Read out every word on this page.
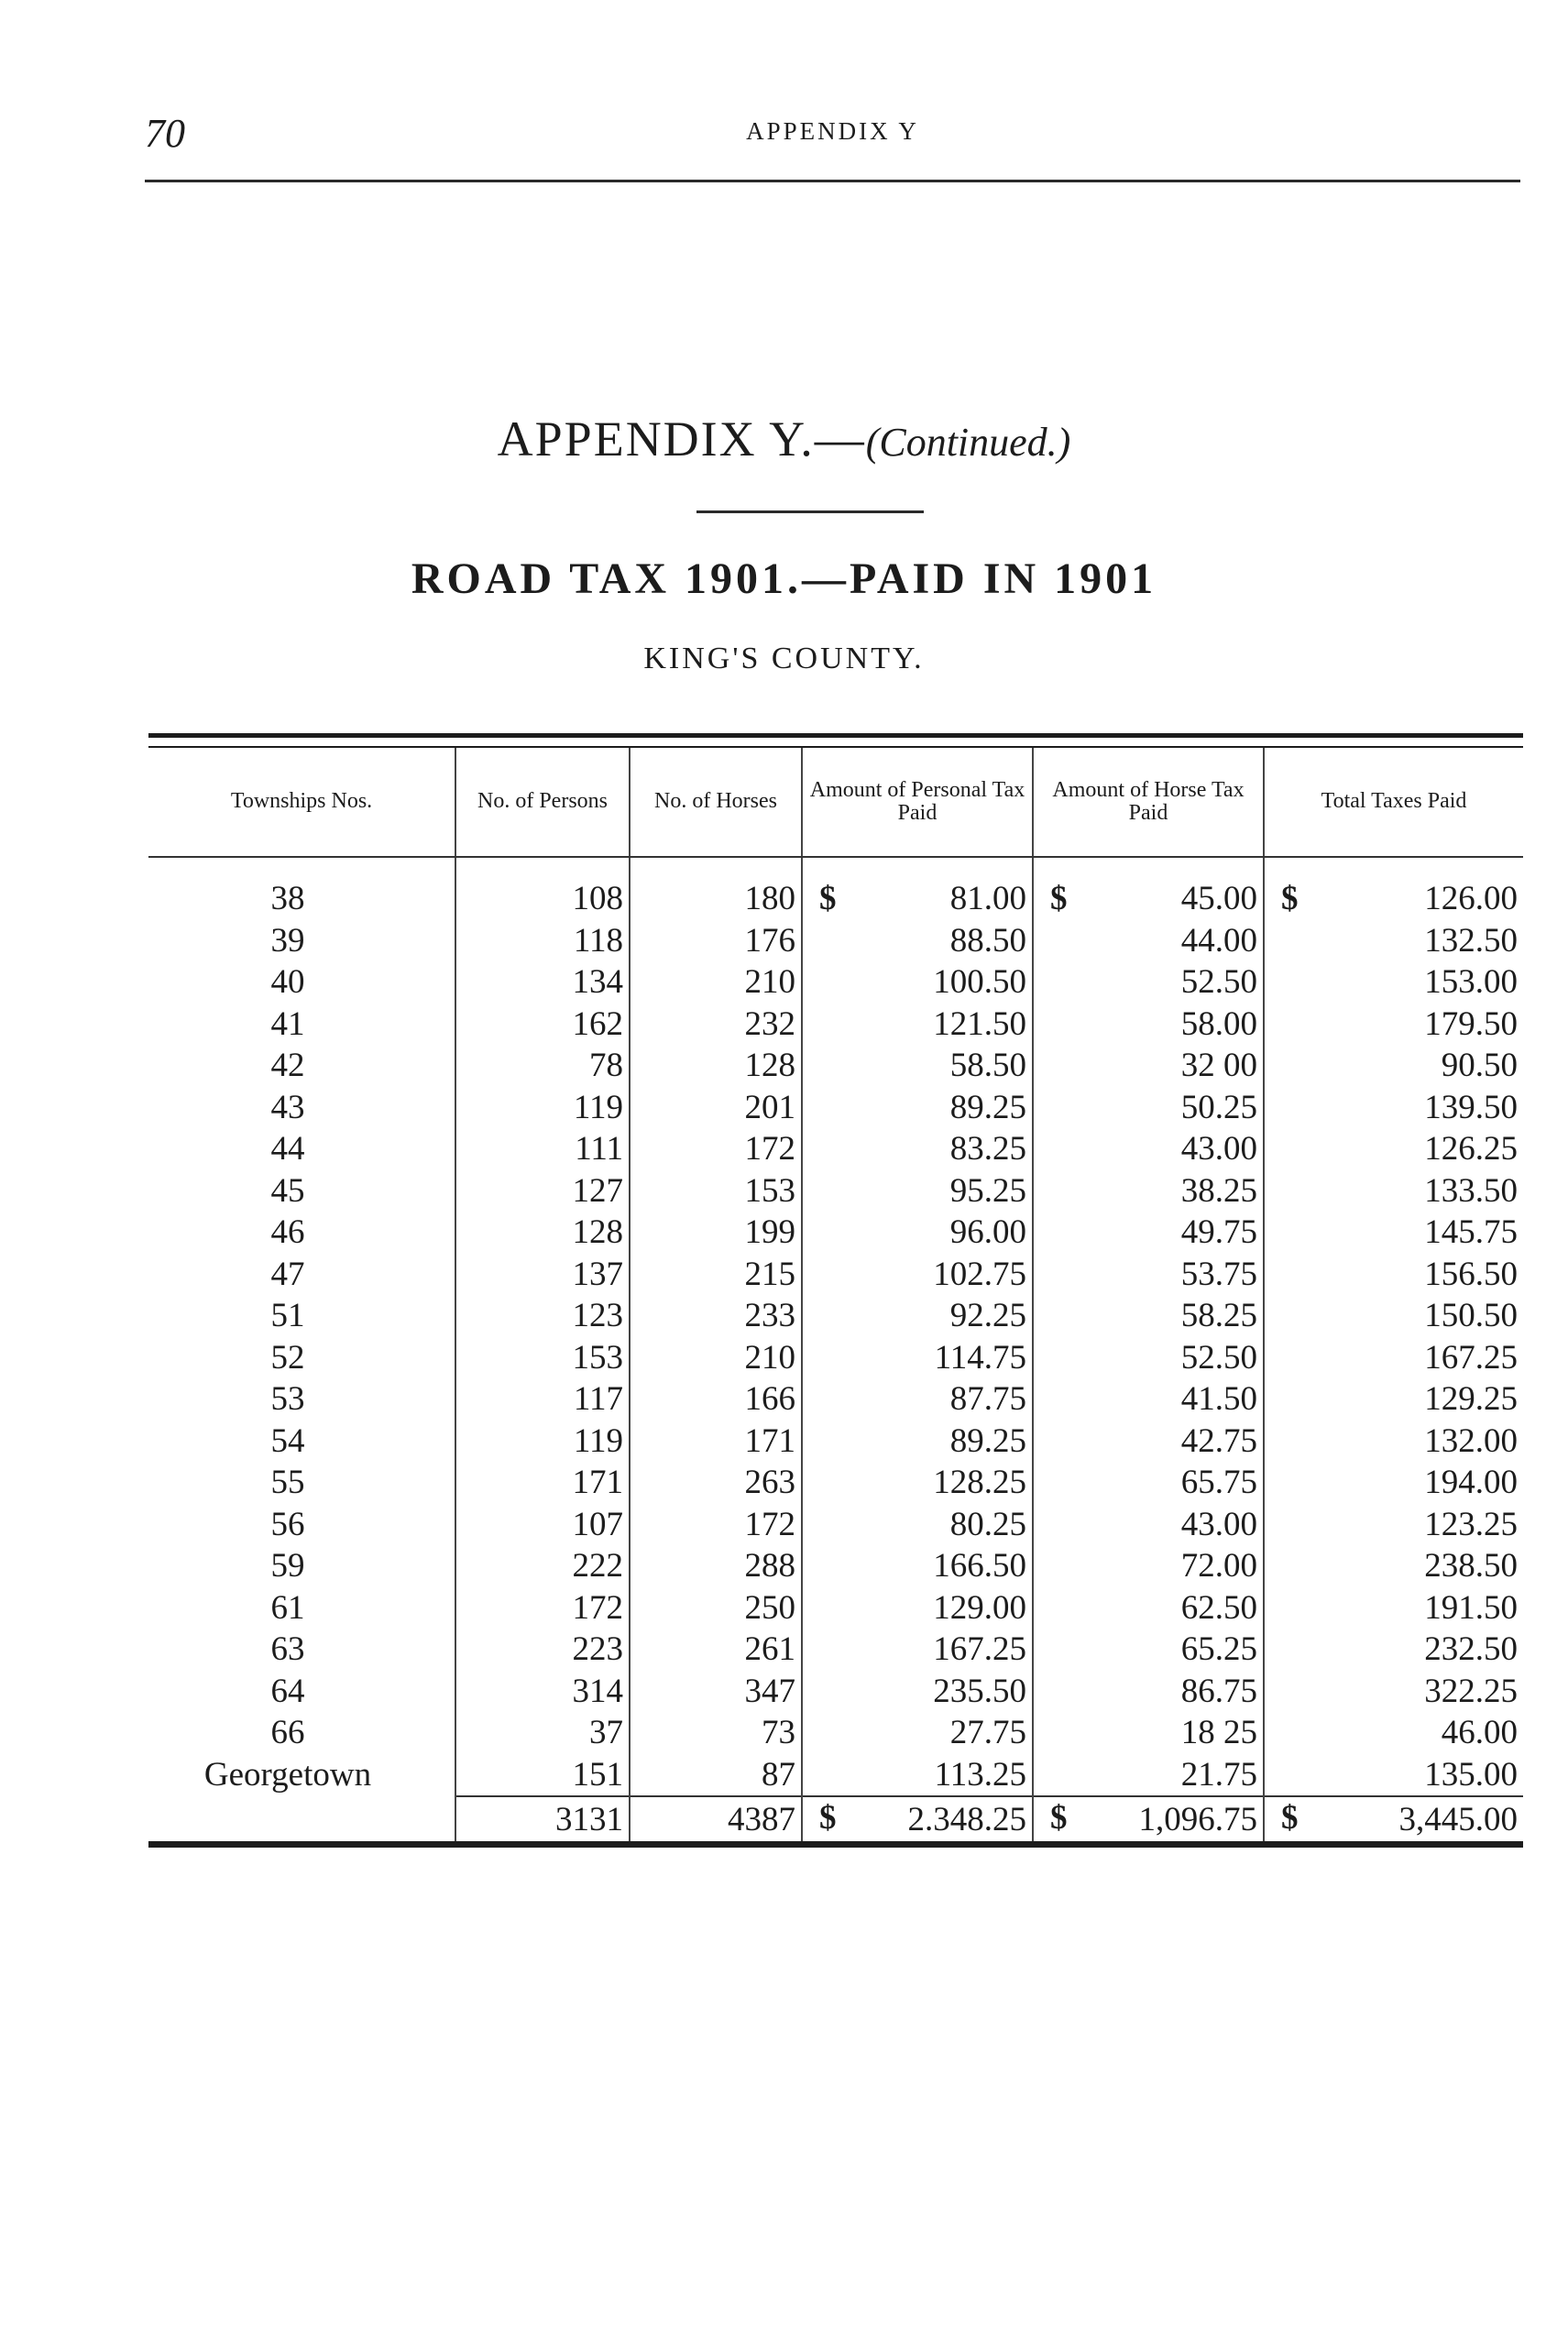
70	APPENDIX Y
APPENDIX Y.—(Continued.)
ROAD TAX 1901.—PAID IN 1901
KING'S COUNTY.
Townships Nos.	No. of Persons	No. of Horses	Amount of Personal Tax Paid	Amount of Horse Tax Paid	Total Taxes Paid
38	108	180	$ 81.00	$ 45.00	$ 126.00
39	118	176	88.50	44.00	132.50
40	134	210	100.50	52.50	153.00
41	162	232	121.50	58.00	179.50
42	78	128	58.50	32 00	90.50
43	119	201	89.25	50.25	139.50
44	111	172	83.25	43.00	126.25
45	127	153	95.25	38.25	133.50
46	128	199	96.00	49.75	145.75
47	137	215	102.75	53.75	156.50
51	123	233	92.25	58.25	150.50
52	153	210	114.75	52.50	167.25
53	117	166	87.75	41.50	129.25
54	119	171	89.25	42.75	132.00
55	171	263	128.25	65.75	194.00
56	107	172	80.25	43.00	123.25
59	222	288	166.50	72.00	238.50
61	172	250	129.00	62.50	191.50
63	223	261	167.25	65.25	232.50
64	314	347	235.50	86.75	322.25
66	37	73	27.75	18 25	46.00
Georgetown	151	87	113.25	21.75	135.00
	3131	4387	$ 2.348.25	$ 1,096.75	$ 3,445.00
